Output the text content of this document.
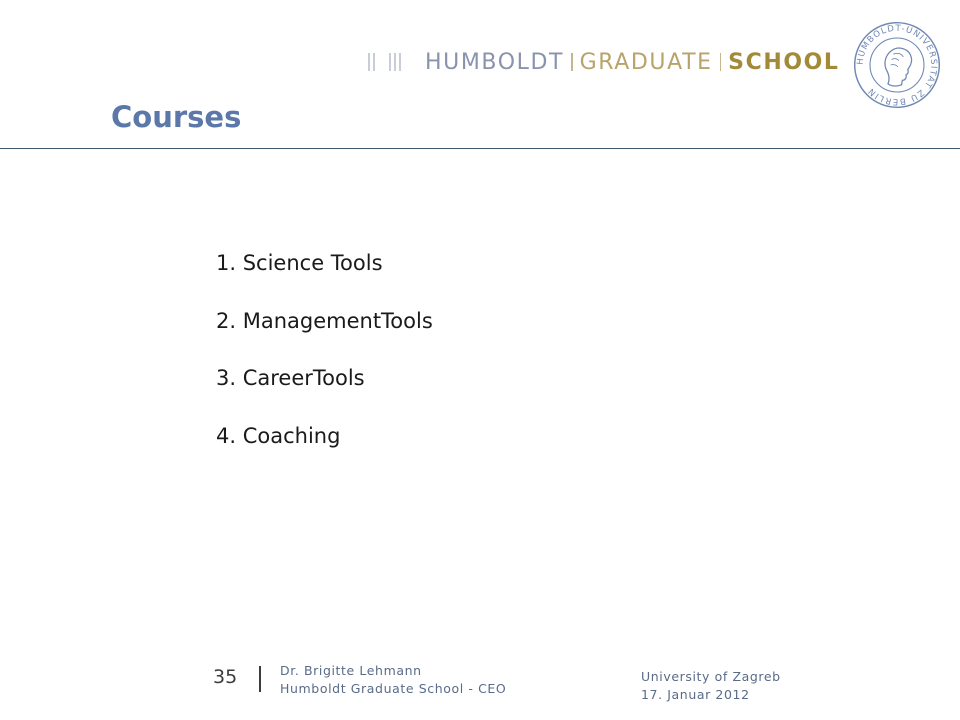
HUMBOLDT GRADUATE SCHOOL HUMBOLDT-UNIVERSITÄT ZU BERLIN
Courses
1. Science Tools
2. ManagementTools
3. CareerTools
4. Coaching
35	Dr. Brigitte Lehmann
Humboldt Graduate School - CEO
University of Zagreb
17. Januar 2012
